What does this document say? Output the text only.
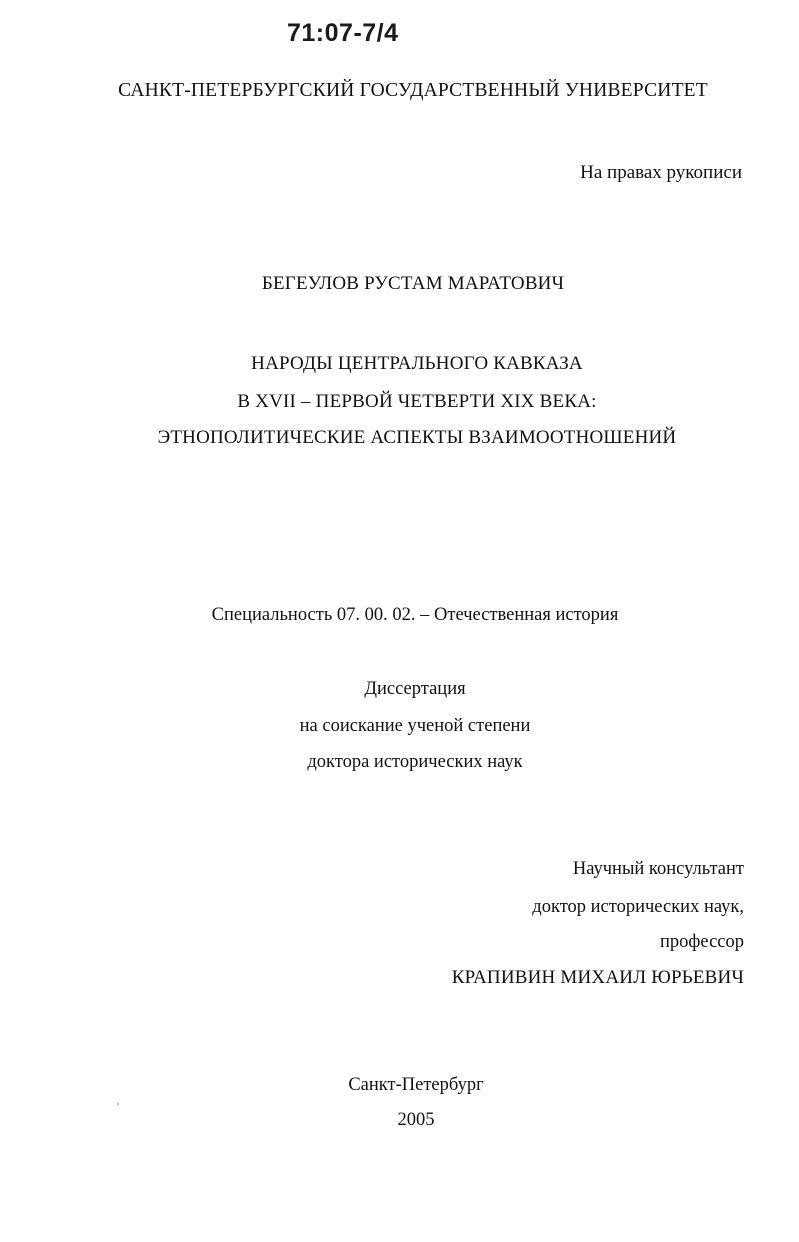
71:07-7/4
САНКТ-ПЕТЕРБУРГСКИЙ ГОСУДАРСТВЕННЫЙ УНИВЕРСИТЕТ
На правах рукописи
БЕГЕУЛОВ РУСТАМ МАРАТОВИЧ
НАРОДЫ ЦЕНТРАЛЬНОГО КАВКАЗА
В XVII – ПЕРВОЙ ЧЕТВЕРТИ XIX ВЕКА:
ЭТНОПОЛИТИЧЕСКИЕ АСПЕКТЫ ВЗАИМООТНОШЕНИЙ
Специальность 07. 00. 02. – Отечественная история
Диссертация
на соискание ученой степени
доктора исторических наук
Научный консультант
доктор исторических наук,
профессор
КРАПИВИН МИХАИЛ ЮРЬЕВИЧ
Санкт-Петербург
2005
